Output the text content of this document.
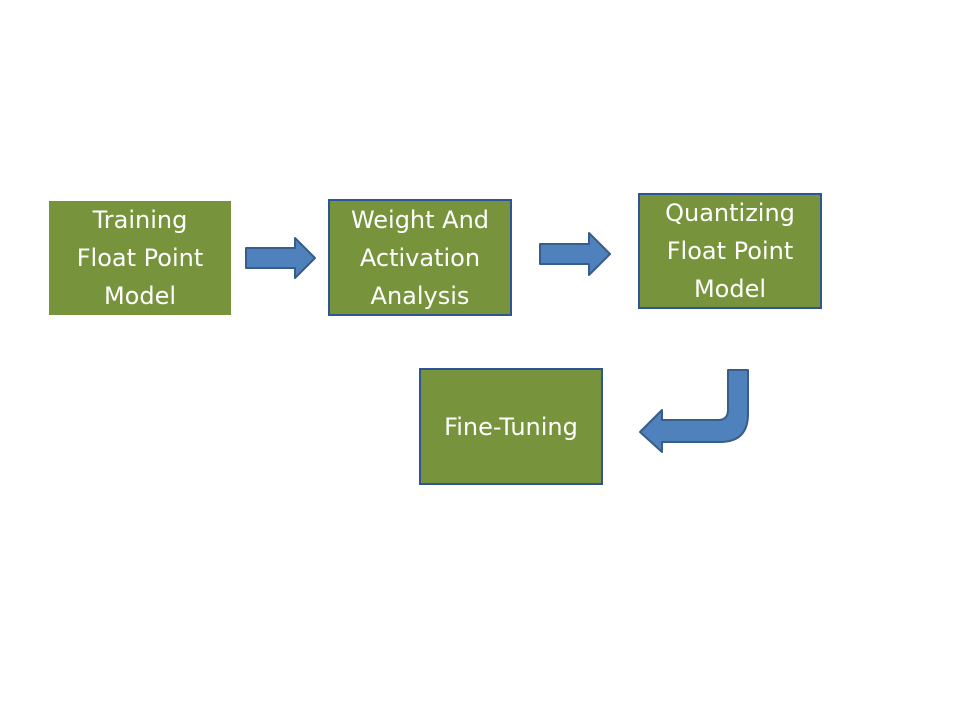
Training
Float Point
Model
Weight And
Activation
Analysis
Quantizing
Float Point
Model
Fine-Tuning
